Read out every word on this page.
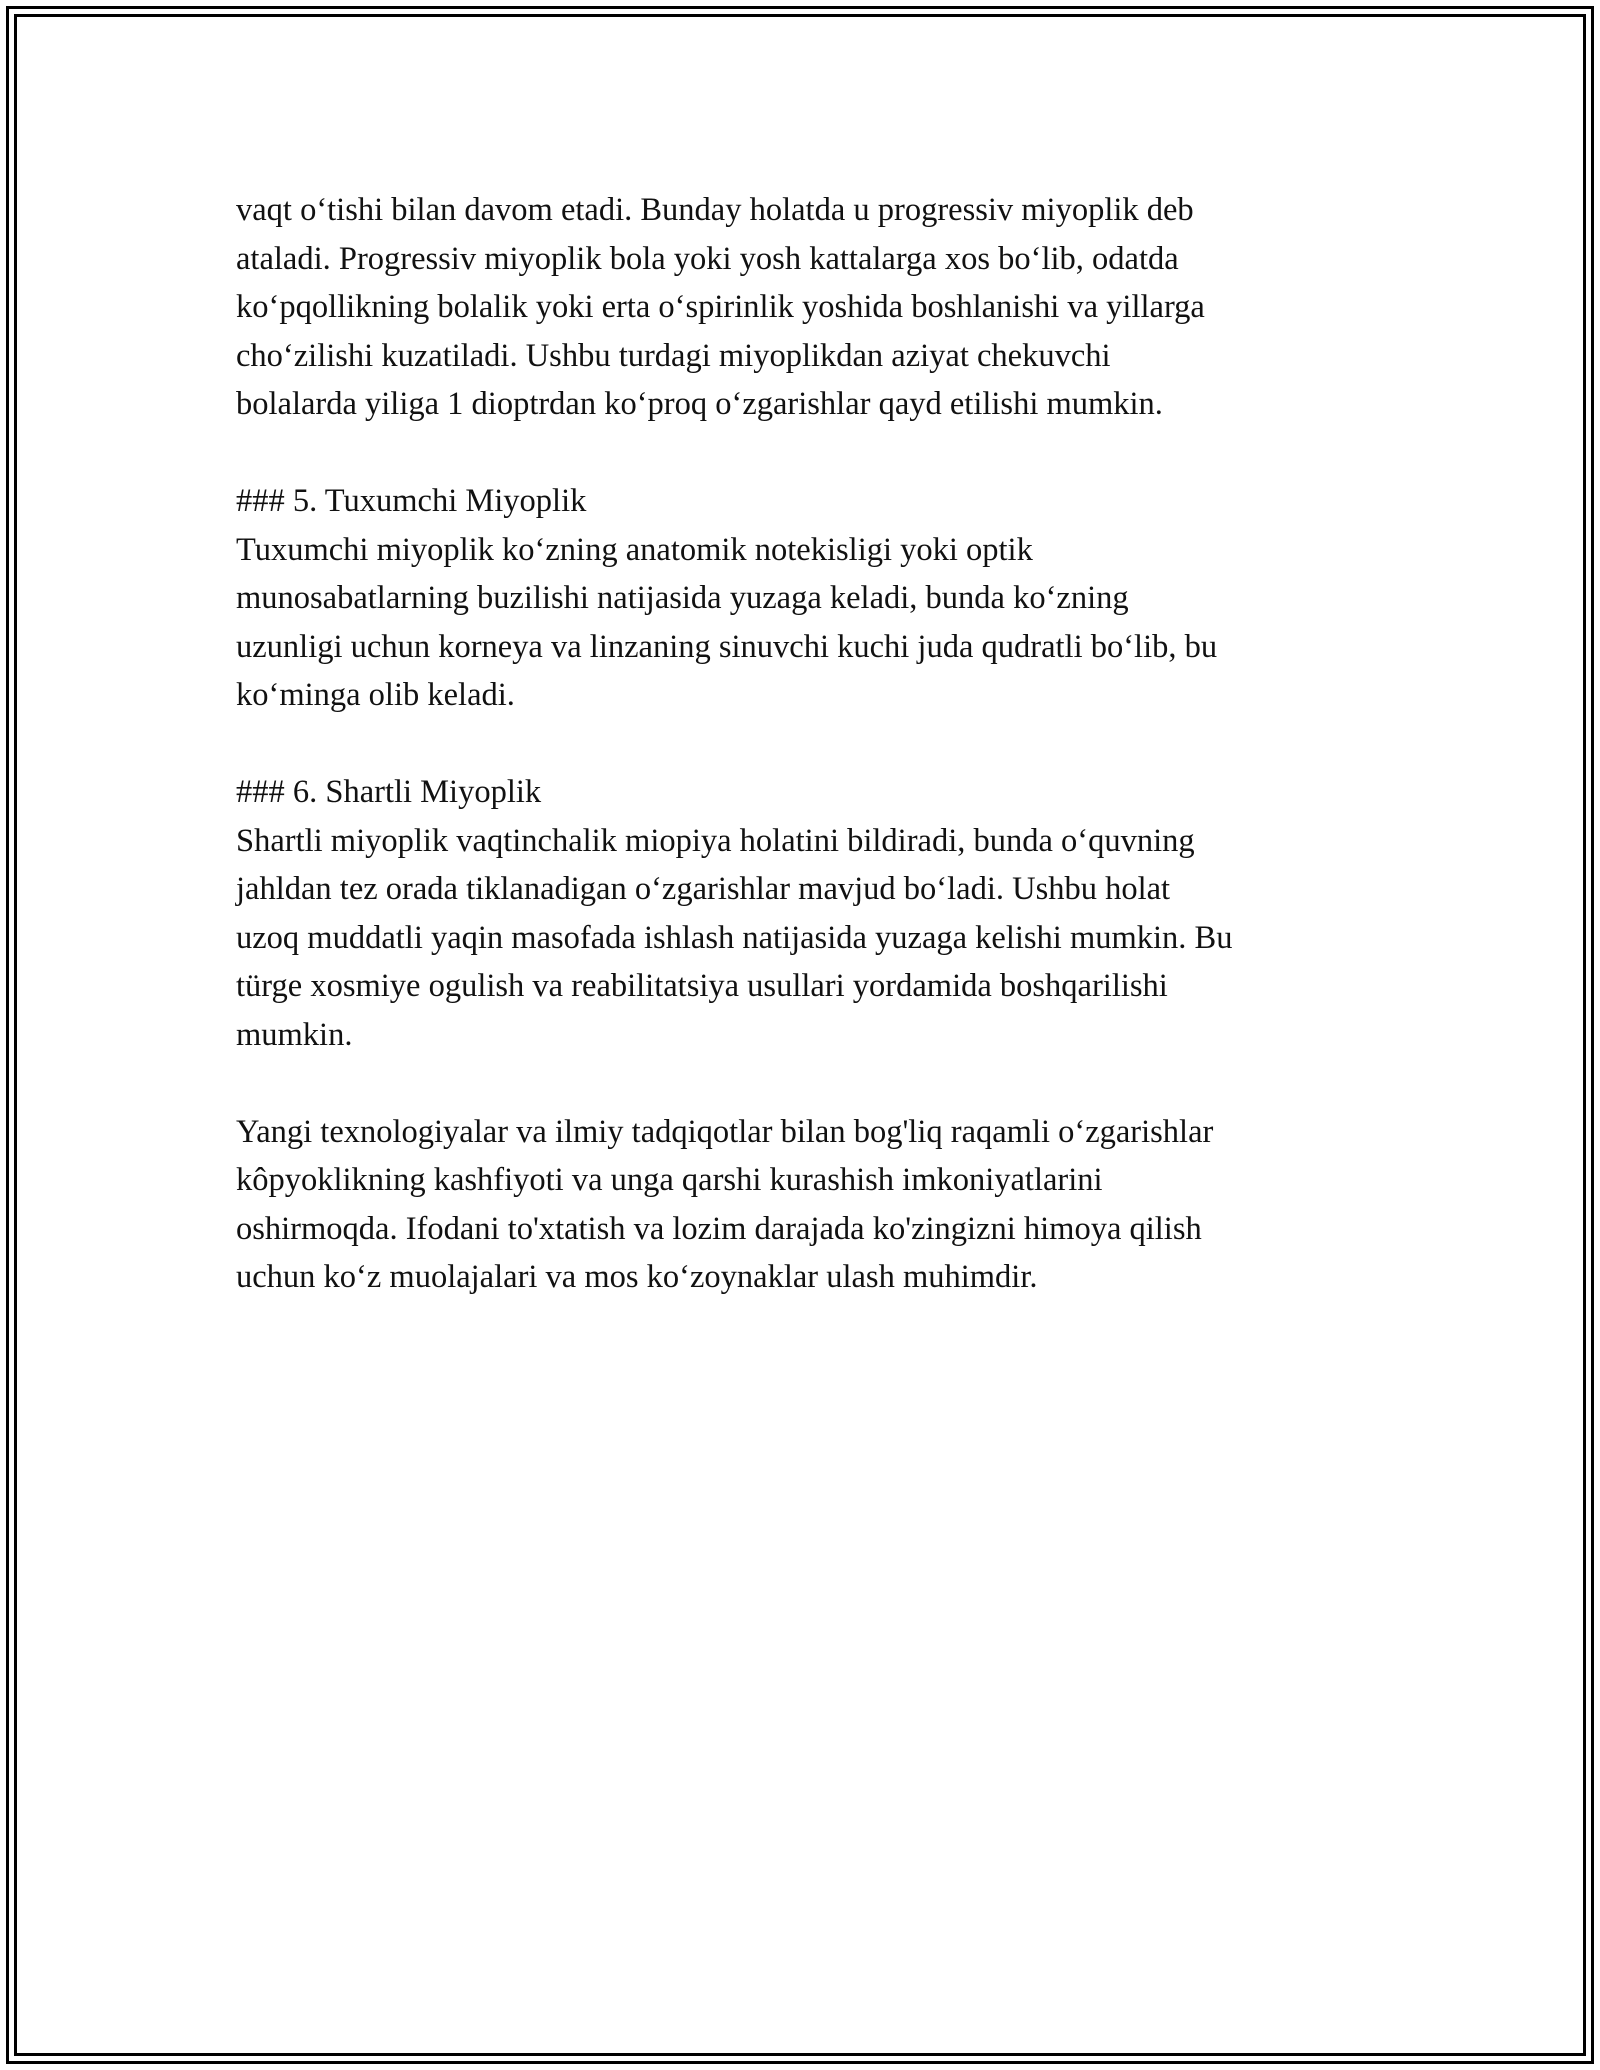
vaqt o‘tishi bilan davom etadi. Bunday holatda u progressiv miyoplik deb
ataladi. Progressiv miyoplik bola yoki yosh kattalarga xos bo‘lib, odatda
ko‘pqollikning bolalik yoki erta o‘spirinlik yoshida boshlanishi va yillarga
cho‘zilishi kuzatiladi. Ushbu turdagi miyoplikdan aziyat chekuvchi
bolalarda yiliga 1 dioptrdan ko‘proq o‘zgarishlar qayd etilishi mumkin.

### 5. Tuxumchi Miyoplik
Tuxumchi miyoplik ko‘zning anatomik notekisligi yoki optik
munosabatlarning buzilishi natijasida yuzaga keladi, bunda ko‘zning
uzunligi uchun korneya va linzaning sinuvchi kuchi juda qudratli bo‘lib, bu
ko‘minga olib keladi.

### 6. Shartli Miyoplik
Shartli miyoplik vaqtinchalik miopiya holatini bildiradi, bunda o‘quvning
jahldan tez orada tiklanadigan o‘zgarishlar mavjud bo‘ladi. Ushbu holat
uzoq muddatli yaqin masofada ishlash natijasida yuzaga kelishi mumkin. Bu
türge xosmiye ogulish va reabilitatsiya usullari yordamida boshqarilishi
mumkin.

Yangi texnologiyalar va ilmiy tadqiqotlar bilan bog'liq raqamli o‘zgarishlar
kôpyoklikning kashfiyoti va unga qarshi kurashish imkoniyatlarini
oshirmoqda. Ifodani to'xtatish va lozim darajada ko'zingizni himoya qilish
uchun ko‘z muolajalari va mos ko‘zoynaklar ulash muhimdir.
